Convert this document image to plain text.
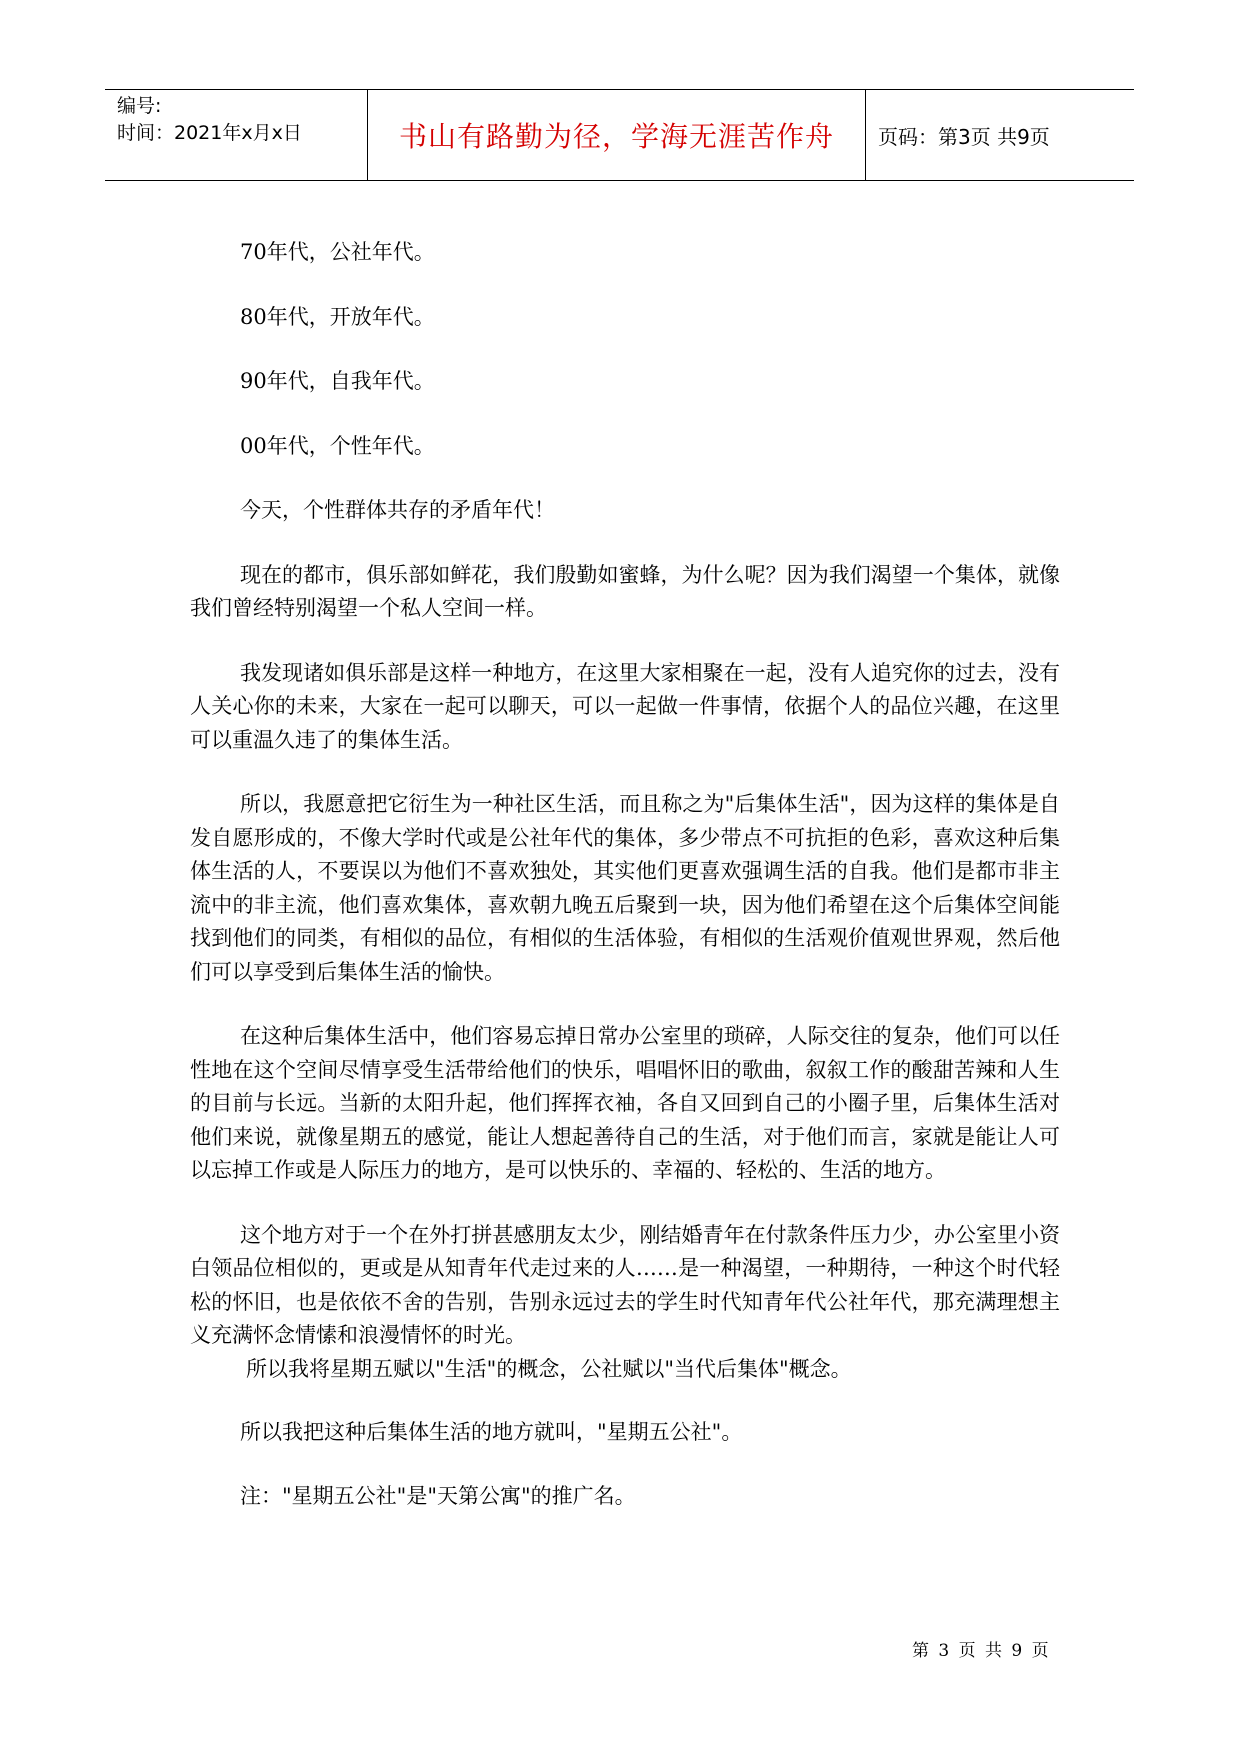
编号:
时间：2021年x月x日	书山有路勤为径，学海无涯苦作舟	页码：第3页 共9页

70年代，公社年代。

80年代，开放年代。

90年代，自我年代。

00年代，个性年代。

今天，个性群体共存的矛盾年代！

现在的都市，俱乐部如鲜花，我们殷勤如蜜蜂，为什么呢？因为我们渴望一个集体，就像我们曾经特别渴望一个私人空间一样。

我发现诸如俱乐部是这样一种地方，在这里大家相聚在一起，没有人追究你的过去，没有人关心你的未来，大家在一起可以聊天，可以一起做一件事情，依据个人的品位兴趣，在这里可以重温久违了的集体生活。

所以，我愿意把它衍生为一种社区生活，而且称之为"后集体生活"，因为这样的集体是自发自愿形成的，不像大学时代或是公社年代的集体，多少带点不可抗拒的色彩，喜欢这种后集体生活的人，不要误以为他们不喜欢独处，其实他们更喜欢强调生活的自我。他们是都市非主流中的非主流，他们喜欢集体，喜欢朝九晚五后聚到一块，因为他们希望在这个后集体空间能找到他们的同类，有相似的品位，有相似的生活体验，有相似的生活观价值观世界观，然后他们可以享受到后集体生活的愉快。

在这种后集体生活中，他们容易忘掉日常办公室里的琐碎，人际交往的复杂，他们可以任性地在这个空间尽情享受生活带给他们的快乐，唱唱怀旧的歌曲，叙叙工作的酸甜苦辣和人生的目前与长远。当新的太阳升起，他们挥挥衣袖，各自又回到自己的小圈子里，后集体生活对他们来说，就像星期五的感觉，能让人想起善待自己的生活，对于他们而言，家就是能让人可以忘掉工作或是人际压力的地方，是可以快乐的、幸福的、轻松的、生活的地方。

这个地方对于一个在外打拼甚感朋友太少，刚结婚青年在付款条件压力少，办公室里小资白领品位相似的，更或是从知青年代走过来的人……是一种渴望，一种期待，一种这个时代轻松的怀旧，也是依依不舍的告别，告别永远过去的学生时代知青年代公社年代，那充满理想主义充满怀念情愫和浪漫情怀的时光。

所以我将星期五赋以"生活"的概念，公社赋以"当代后集体"概念。

所以我把这种后集体生活的地方就叫，"星期五公社"。

注："星期五公社"是"天第公寓"的推广名。

第 3 页 共 9 页
